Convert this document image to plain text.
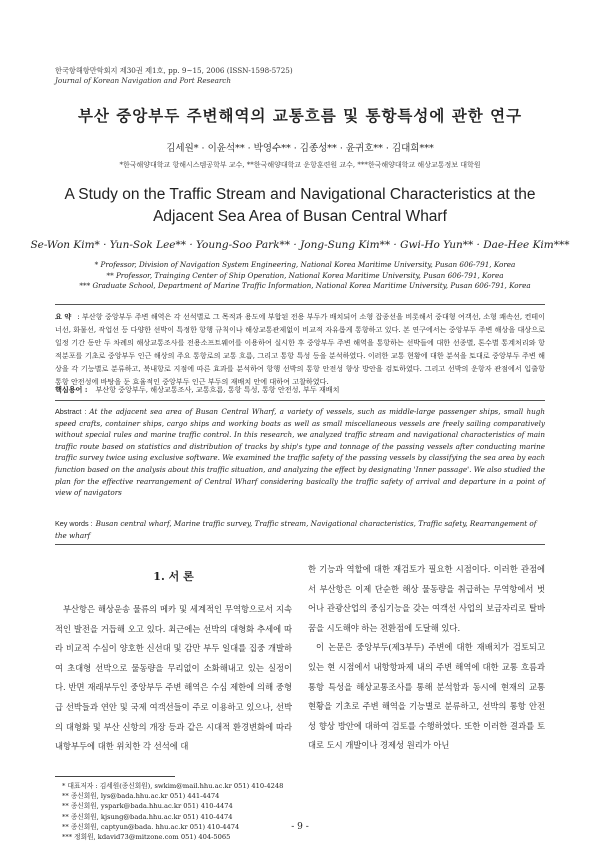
한국항해항만학회지 제30권 제1호, pp. 9~15, 2006 (ISSN-1598-5725)
Journal of Korean Navigation and Port Research
부산 중앙부두 주변해역의 교통흐름 및 통항특성에 관한 연구
김세원* · 이윤석** · 박영수** · 김종성** · 윤귀호** · 김대희***
*한국해양대학교 항해시스템공학부 교수, **한국해양대학교 운항훈련원 교수, ***한국해양대학교 해상교통정보 대학원
A Study on the Traffic Stream and Navigational Characteristics at the
Adjacent Sea Area of Busan Central Wharf
Se-Won Kim* · Yun-Sok Lee** · Young-Soo Park** · Jong-Sung Kim** · Gwi-Ho Yun** · Dae-Hee Kim***
* Professor, Division of Navigation System Engineering, National Korea Maritime University, Pusan 606-791, Korea
** Professor, Trainging Center of Ship Operation, National Korea Maritime University, Pusan 606-791, Korea
*** Graduate School, Department of Marine Traffic Information, National Korea Maritime University, Pusan 606-791, Korea
요 약 : 부산항 중앙부두 주변 해역은 각 선석별로 그 목적과 용도에 부합된 전용 부두가 배치되어 소형 잡종선을 비롯해서 중대형 여객선, 소형 쾌속선, 컨테이너선, 화물선, 작업선 등 다양한 선박이 특정한 항행 규칙이나 해상교통관제없이 비교적 자유롭게 통항하고 있다. 본 연구에서는 중앙부두 주변 해상을 대상으로 일정 기간 동안 두 차례의 해상교통조사를 전용소프트웨어를 이용하여 실시한 후 중앙부두 주변 해역을 통항하는 선박들에 대한 선종별, 톤수별 통계처리와 항적분포를 기초로 중앙부두 인근 해상의 주요 통항로의 교통 흐름, 그리고 통항 특성 등을 분석하였다. 이러한 교통 현황에 대한 분석을 토대로 중앙부두 주변 해상을 각 기능별로 분류하고, 북내항로 지점에 따른 효과를 분석하여 항행 선박의 통항 안전성 향상 방안을 검토하였다. 그리고 선박의 운항자 관점에서 입출항 통항 안전성에 바탕을 둔 효율적인 중앙부두 인근 부두의 재배치 안에 대하여 고찰하였다.
핵심용어 : 부산항 중앙부두, 해상교통조사, 교통흐름, 통항 특성, 통항 안전성, 부두 재배치
Abstract : At the adjacent sea area of Busan Central Wharf, a variety of vessels, such as middle-large passenger ships, small hugh speed crafts, container ships, cargo ships and working boats as well as small miscellaneous vessels are freely sailing comparatively without special rules and marine traffic control. In this research, we analyzed traffic stream and navigational characteristics of main traffic route based on statistics and distribution of tracks by ship's type and tonnage of the passing vessels after conducting marine traffic survey twice using exclusive software. We examined the traffic safety of the passing vessels by classifying the sea area by each function based on the analysis about this traffic situation, and analyzing the effect by designating 'Inner passage'. We also studied the plan for the effective rearrangement of Central Wharf considering basically the traffic safety of arrival and departure in a point of view of navigators
Key words : Busan central wharf, Marine traffic survey, Traffic stream, Navigational characteristics, Traffic safety, Rearrangement of the wharf
1. 서 론

부산항은 해상운송 물류의 메카 및 세계적인 무역항으로서 지속적인 발전을 거듭해 오고 있다. 최근에는 선박의 대형화 추세에 따라 비교적 수심이 양호한 신선대 및 감만 부두 일대를 집중 개발하여 초대형 선박으로 물동량을 무리없이 소화해내고 있는 실정이다. 반면 재래부두인 중앙부두 주변 해역은 수심 제한에 의해 중형급 선박들과 연안 및 국제 여객선들이 주로 이용하고 있으나, 선박의 대형화 및 부산 신항의 개장 등과 같은 시대적 환경변화에 따라 내항부두에 대한 위치한 각 선석에 대

한 기능과 역할에 대한 재검토가 필요한 시점이다. 이러한 관점에서 부산항은 이제 단순한 해상 물동량을 취급하는 무역항에서 벗어나 관광산업의 중심기능을 갖는 여객선 사업의 보금자리로 탈바꿈을 시도해야 하는 전환점에 도달해 있다.

이 논문은 중앙부두(제3부두) 주변에 대한 재배치가 검토되고 있는 현 시점에서 내항항파제 내의 주변 해역에 대한 교통 흐름과 통항 특성을 해상교통조사를 통해 분석함과 동시에 현재의 교통 현황을 기초로 주변 해역을 기능별로 분류하고, 선박의 통항 안전성 향상 방안에 대하여 검토를 수행하였다. 또한 이러한 결과를 토대로 도시 개발이나 경제성 원리가 아닌

* 대표저자 : 김세원(종신회원), swkim@mail.hhu.ac.kr 051) 410-4248
** 종신회원, lys@bada.hhu.ac.kr 051) 441-4474
** 종신회원, yspark@bada.hhu.ac.kr 051) 410-4474
** 종신회원, kjsung@bada.hhu.ac.kr 051) 410-4474
** 종신회원, captyun@bada. hhu.ac.kr 051) 410-4474
*** 정회원, kdavid73@mitzone.com 051) 404-5065
- 9 -
